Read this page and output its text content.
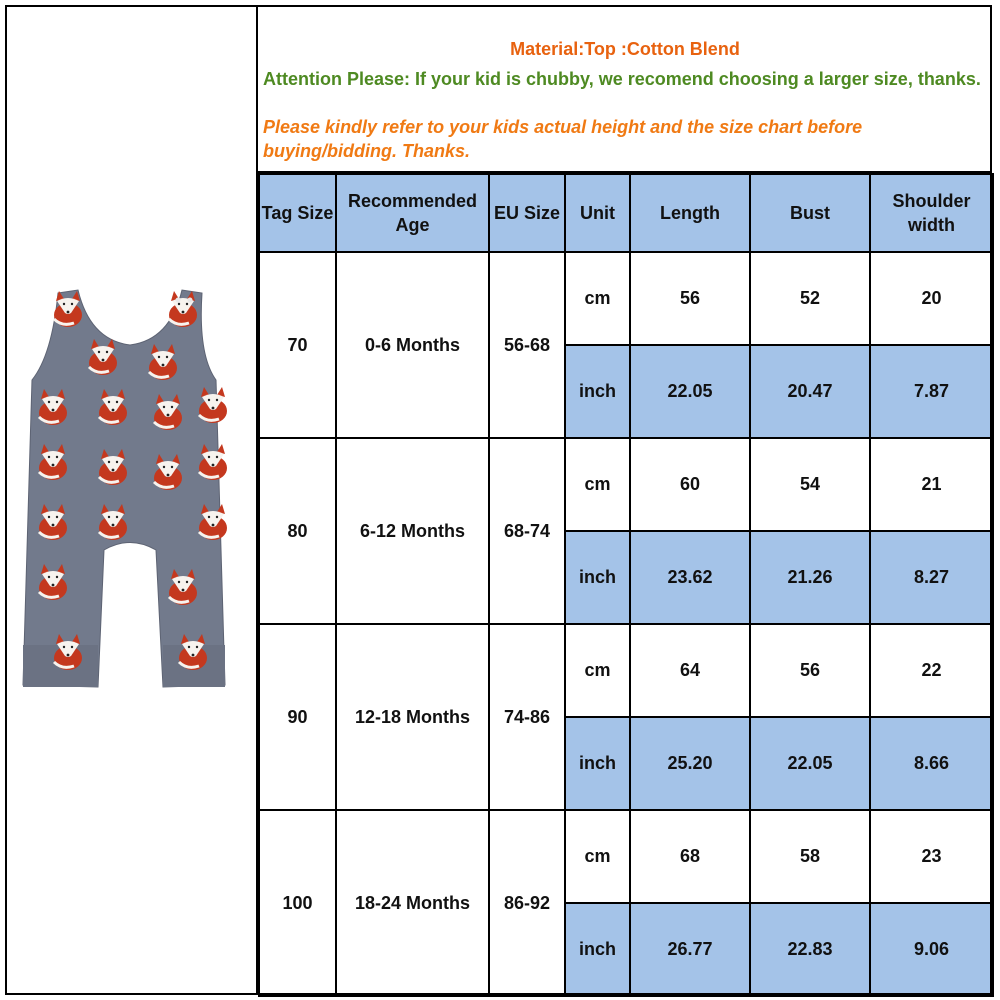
Material:Top :Cotton Blend
Attention Please: If your kid is chubby, we recomend choosing a larger size, thanks.
Please kindly refer to your kids actual height and the size chart before buying/bidding. Thanks.
Tag Size	Recommended Age	EU Size	Unit	Length	Bust	Shoulder width
70	0-6 Months	56-68	cm	56	52	20
			inch	22.05	20.47	7.87
80	6-12 Months	68-74	cm	60	54	21
			inch	23.62	21.26	8.27
90	12-18 Months	74-86	cm	64	56	22
			inch	25.20	22.05	8.66
100	18-24 Months	86-92	cm	68	58	23
			inch	26.77	22.83	9.06
